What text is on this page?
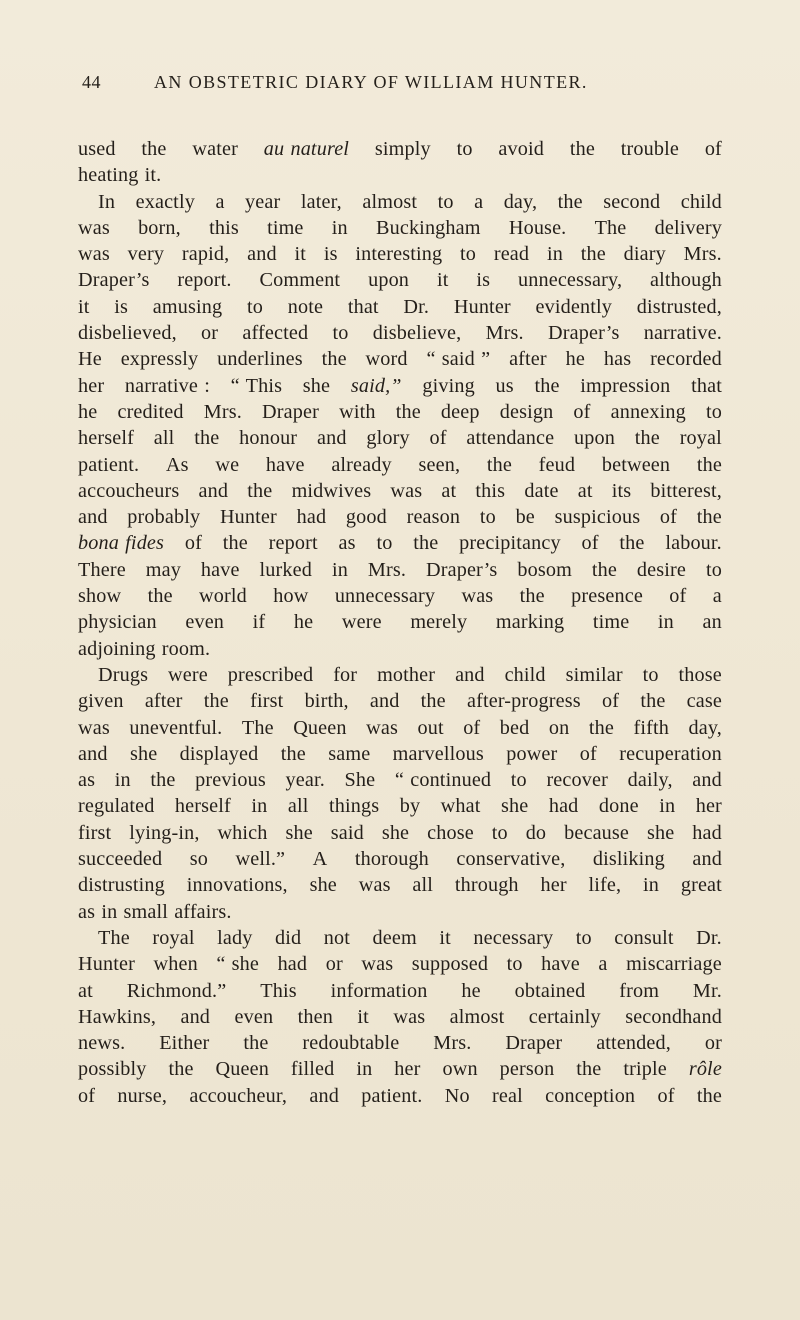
44	AN OBSTETRIC DIARY OF WILLIAM HUNTER.
used the water au naturel simply to avoid the trouble of
heating it.
In exactly a year later, almost to a day, the second child
was born, this time in Buckingham House. The delivery
was very rapid, and it is interesting to read in the diary Mrs.
Draper’s report. Comment upon it is unnecessary, although
it is amusing to note that Dr. Hunter evidently distrusted,
disbelieved, or affected to disbelieve, Mrs. Draper’s narrative.
He expressly underlines the word “ said ” after he has recorded
her narrative : “ This she said,” giving us the impression that
he credited Mrs. Draper with the deep design of annexing to
herself all the honour and glory of attendance upon the royal
patient. As we have already seen, the feud between the
accoucheurs and the midwives was at this date at its bitterest,
and probably Hunter had good reason to be suspicious of the
bona fides of the report as to the precipitancy of the labour.
There may have lurked in Mrs. Draper’s bosom the desire to
show the world how unnecessary was the presence of a
physician even if he were merely marking time in an
adjoining room.
Drugs were prescribed for mother and child similar to those
given after the first birth, and the after-progress of the case
was uneventful. The Queen was out of bed on the fifth day,
and she displayed the same marvellous power of recuperation
as in the previous year. She “ continued to recover daily, and
regulated herself in all things by what she had done in her
first lying-in, which she said she chose to do because she had
succeeded so well.” A thorough conservative, disliking and
distrusting innovations, she was all through her life, in great
as in small affairs.
The royal lady did not deem it necessary to consult Dr.
Hunter when “ she had or was supposed to have a miscarriage
at Richmond.” This information he obtained from Mr.
Hawkins, and even then it was almost certainly secondhand
news. Either the redoubtable Mrs. Draper attended, or
possibly the Queen filled in her own person the triple rôle
of nurse, accoucheur, and patient. No real conception of the
